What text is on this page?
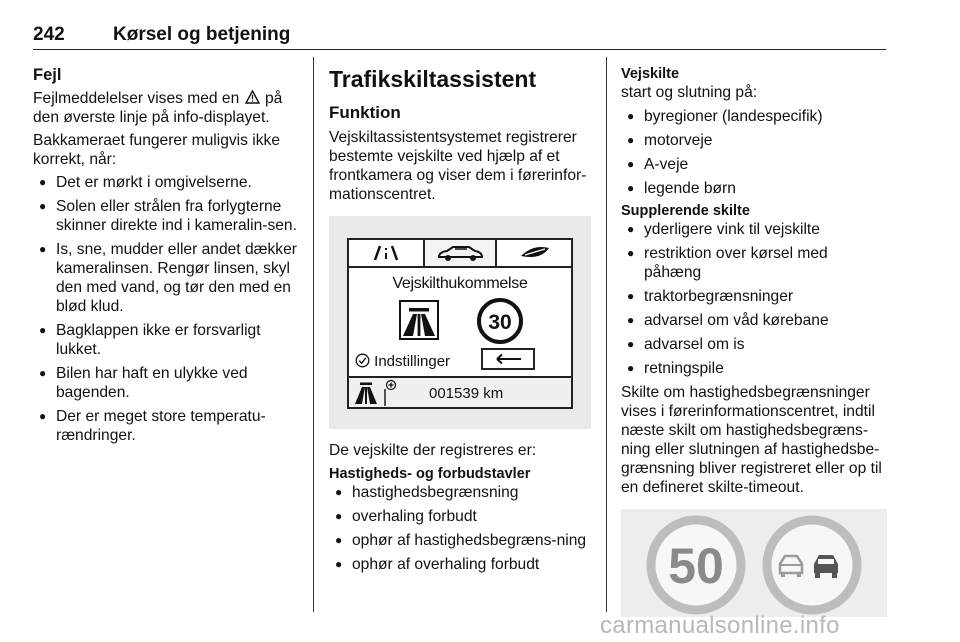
242	Kørsel og betjening
Fejl

Fejlmeddelelser vises med en på den øverste linje på info-displayet.

Bakkameraet fungerer muligvis ikke korrekt, når:

● Det er mørkt i omgivelserne.
● Solen eller strålen fra forlygterne skinner direkte ind i kameralin-sen.
● Is, sne, mudder eller andet dækker kameralinsen. Rengør linsen, skyl den med vand, og tør den med en blød klud.
● Bagklappen ikke er forsvarligt lukket.
● Bilen har haft en ulykke ved bagenden.
● Der er meget store temperatu-rændringer.
Trafikskiltassistent
Funktion

Vejskiltassistentsystemet registrerer bestemte vejskilte ved hjælp af et frontkamera og viser dem i førerinfor-mationscentret.

Vejskilthukommelse
30
Indstillinger
001539 km

De vejskilte der registreres er:

Hastigheds- og forbudstavler
● hastighedsbegrænsning
● overhaling forbudt
● ophør af hastighedsbegræns-ning
● ophør af overhaling forbudt
Vejskilte

start og slutning på:

● byregioner (landespecifik)
● motorveje
● A-veje
● legende børn
Supplerende skilte
● yderligere vink til vejskilte
● restriktion over kørsel med påhæng
● traktorbegrænsninger
● advarsel om våd kørebane
● advarsel om is
● retningspile

Skilte om hastighedsbegrænsninger vises i førerinformationscentret, indtil næste skilt om hastighedsbegræns-ning eller slutningen af hastighedsbe-grænsning bliver registreret eller op til en defineret skilte-timeout.

50
carmanualsonline.info
